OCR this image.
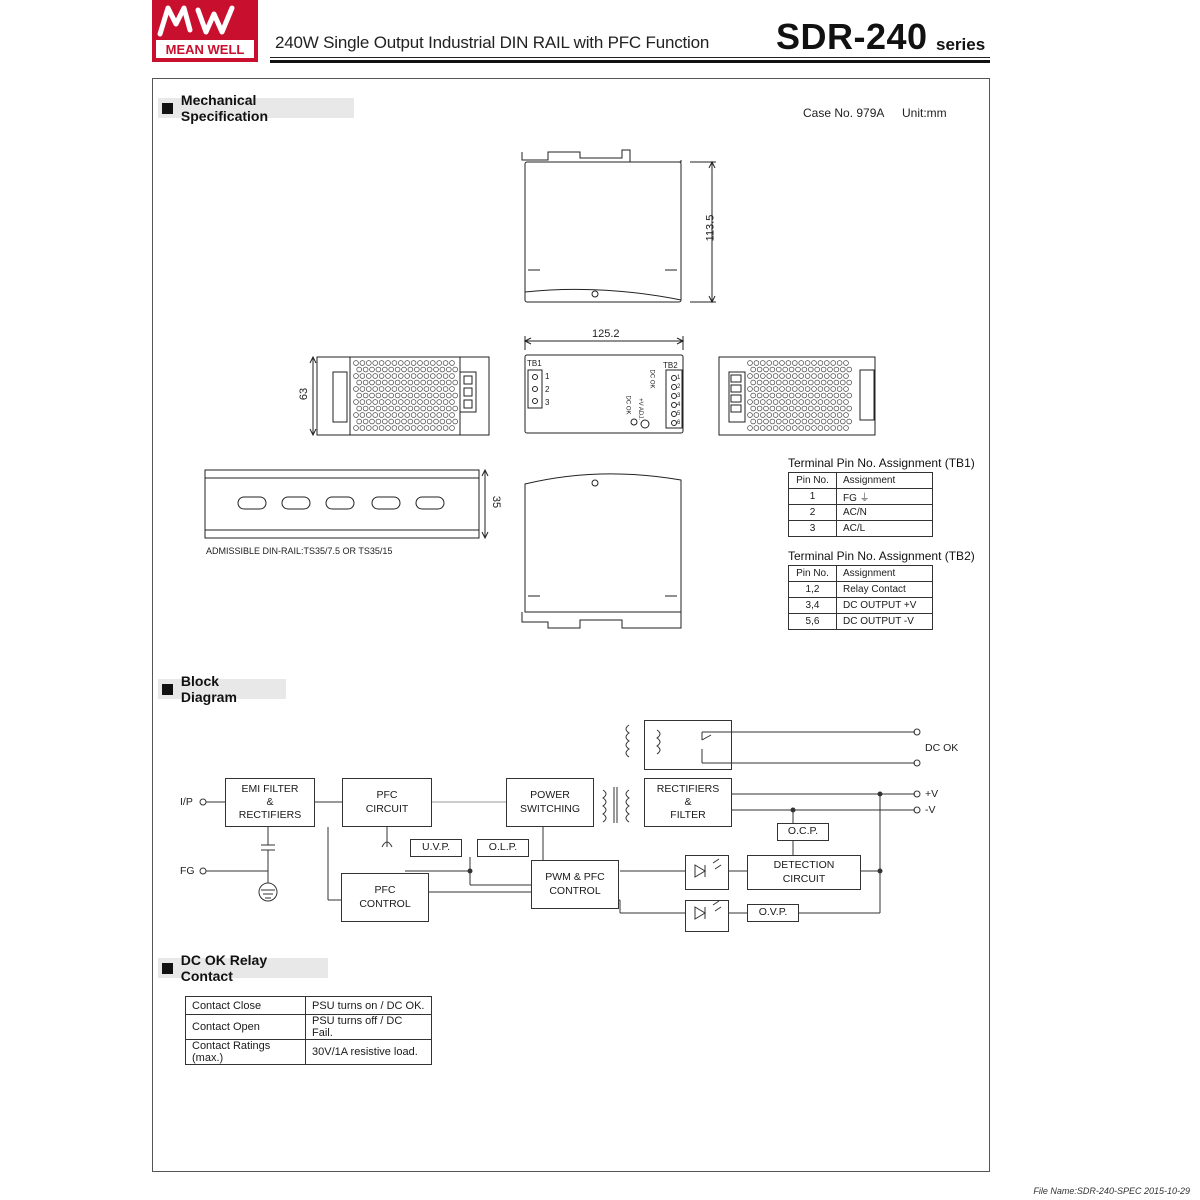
MEAN WELL 240W Single Output Industrial DIN RAIL with PFC Function SDR-240 series
Mechanical Specification	Case No. 979A Unit:mm
113.5
125.2
63
35
TB1	TB2
1
2
3
1
2
3
4
5
6
DC OK
+V ADJ.
DC OK
ADMISSIBLE DIN-RAIL:TS35/7.5 OR TS35/15
Terminal Pin No. Assignment (TB1)
Pin No.	Assignment
1	FG ⏚
2	AC/N
3	AC/L
Terminal Pin No. Assignment (TB2)
Pin No.	Assignment
1,2	Relay Contact
3,4	DC OUTPUT +V
5,6	DC OUTPUT -V
Block Diagram
I/P
FG
EMI FILTER
&
RECTIFIERS
PFC
CIRCUIT
POWER
SWITCHING
RECTIFIERS
&
FILTER
U.V.P.	O.L.P.
PWM & PFC
CONTROL
PFC
CONTROL
O.C.P.
DETECTION
CIRCUIT
O.V.P.
DC OK
+V
-V
DC OK Relay Contact
Contact Close	PSU turns on / DC OK.
Contact Open	PSU turns off / DC Fail.
Contact Ratings (max.)	30V/1A resistive load.
File Name:SDR-240-SPEC 2015-10-29
